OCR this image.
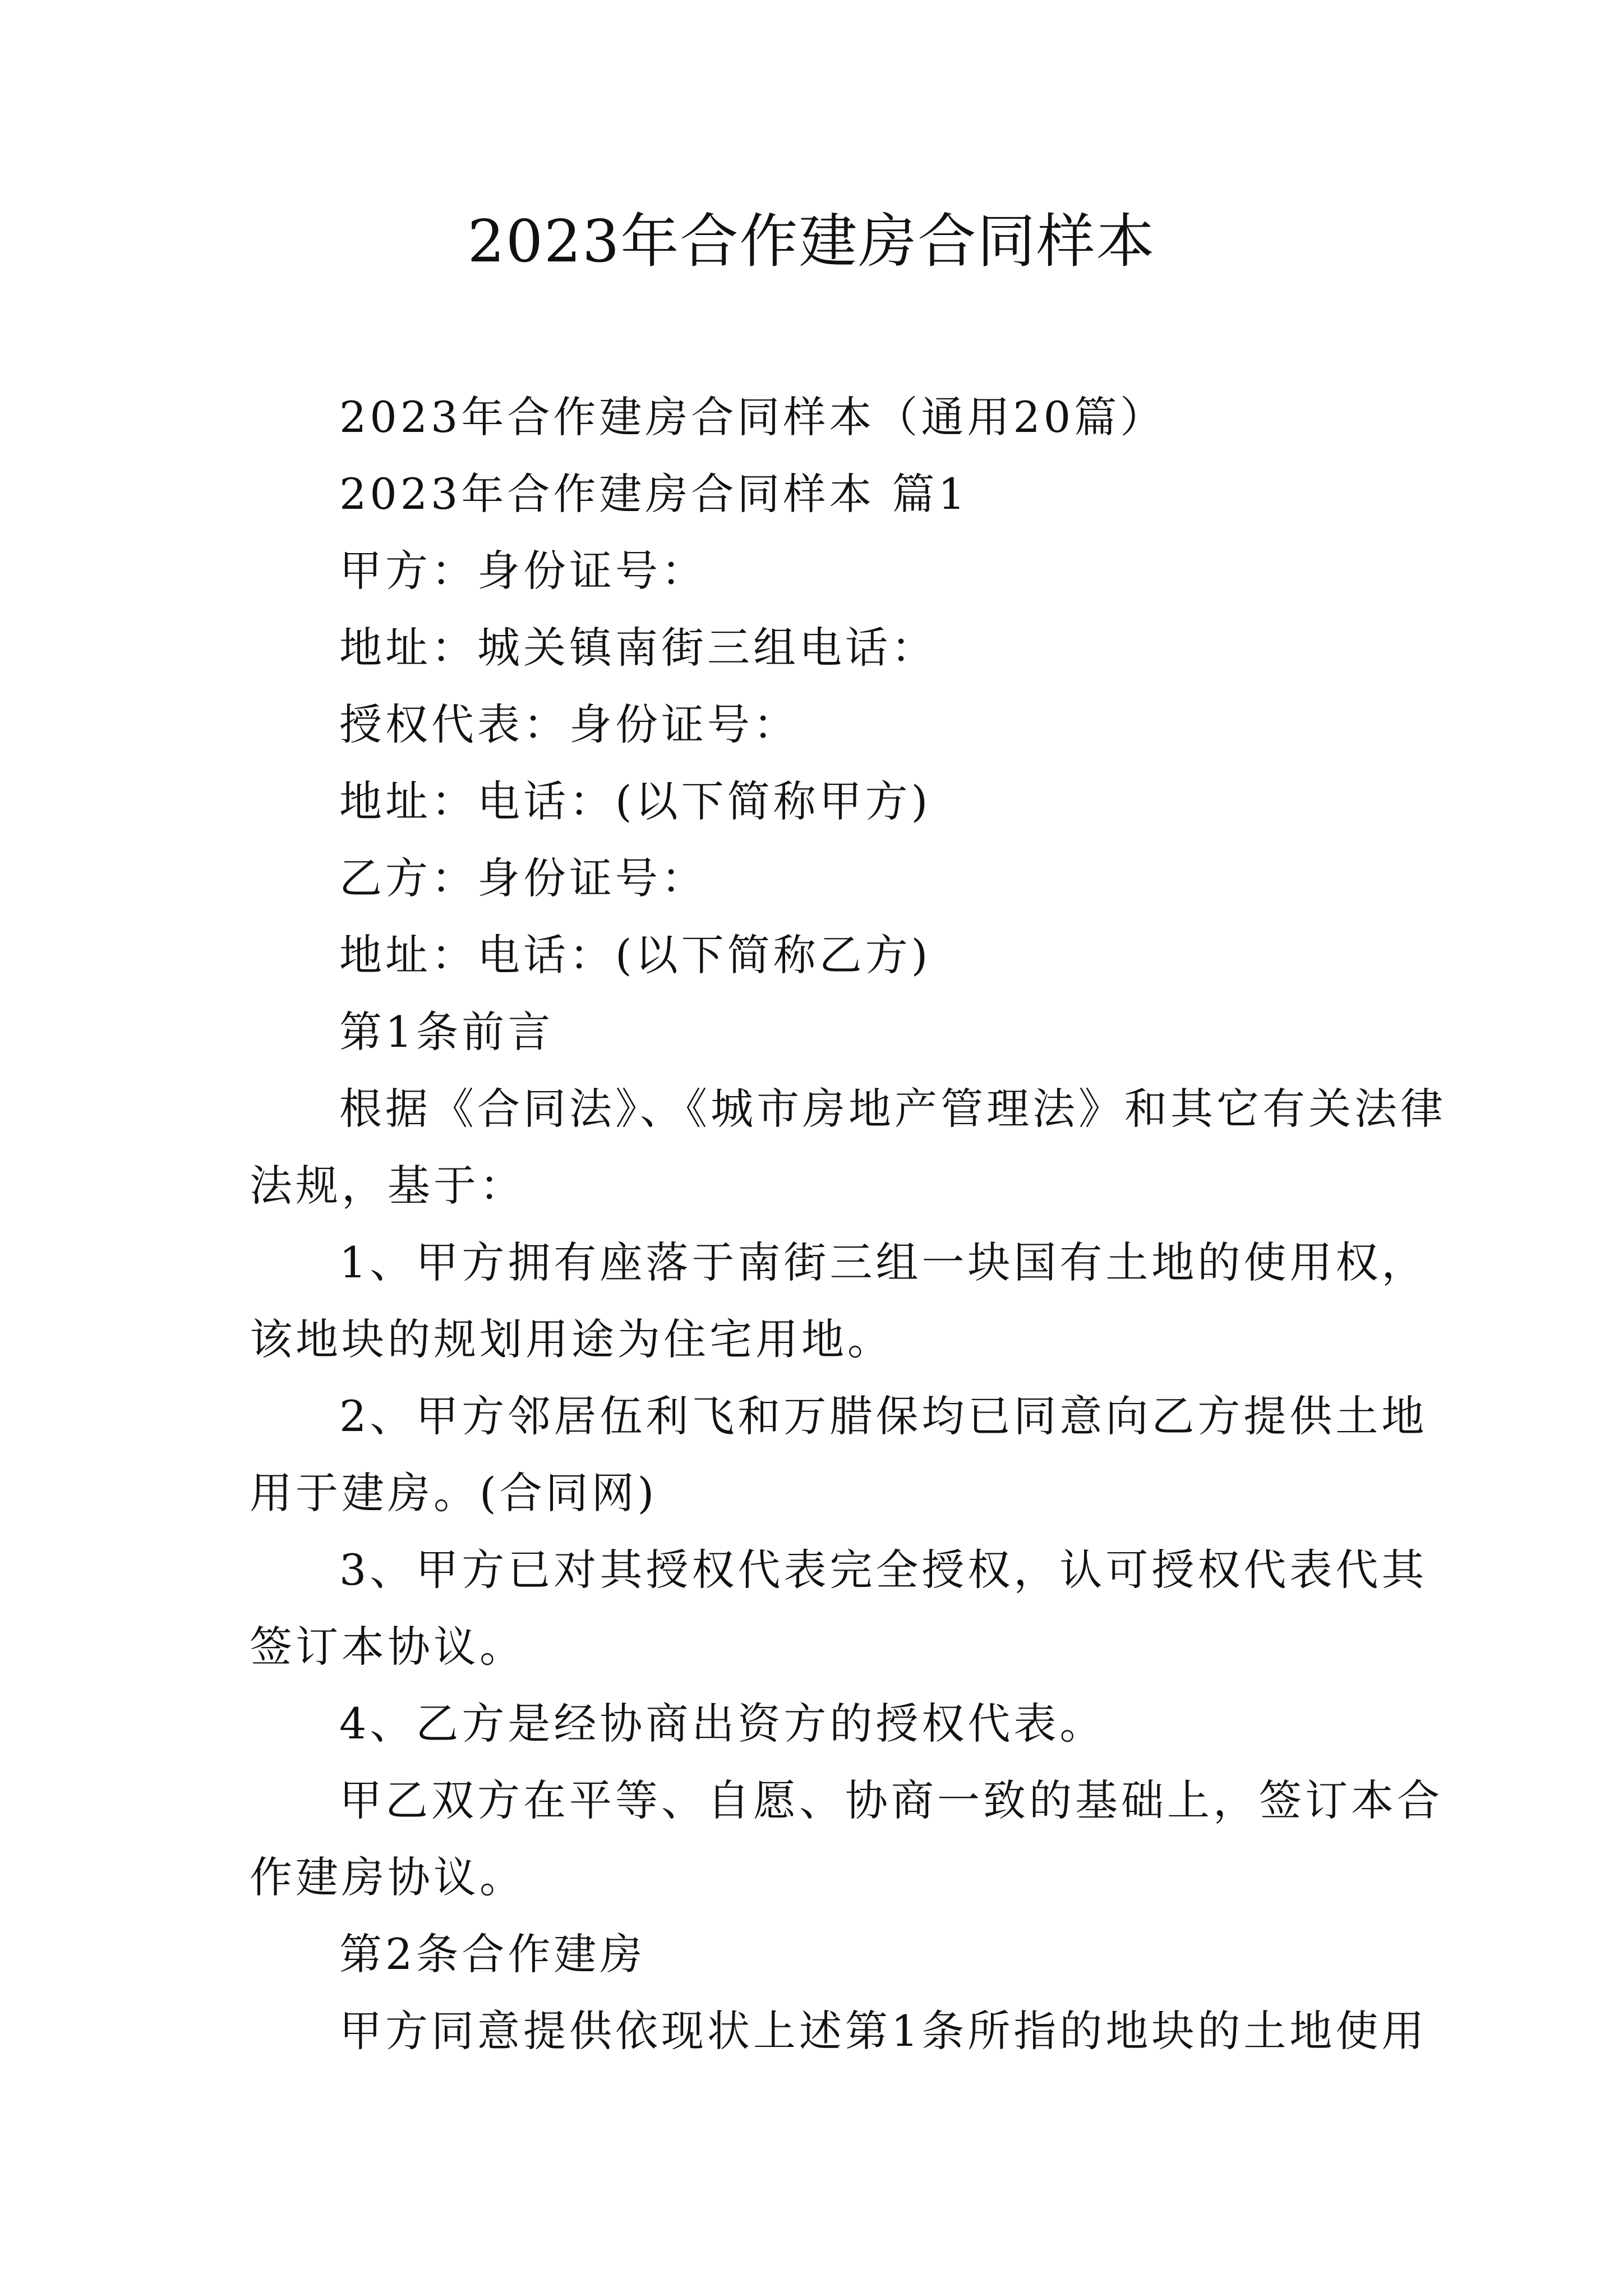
2023年合作建房合同样本
2023年合作建房合同样本（通用20篇）
2023年合作建房合同样本 篇1
甲方：身份证号：
地址：城关镇南街三组电话：
授权代表：身份证号：
地址：电话：(以下简称甲方)
乙方：身份证号：
地址：电话：(以下简称乙方)
第1条前言
根据《合同法》、《城市房地产管理法》和其它有关法律
法规，基于：
1、甲方拥有座落于南街三组一块国有土地的使用权，
该地块的规划用途为住宅用地。
2、甲方邻居伍利飞和万腊保均已同意向乙方提供土地
用于建房。(合同网)
3、甲方已对其授权代表完全授权，认可授权代表代其
签订本协议。
4、乙方是经协商出资方的授权代表。
甲乙双方在平等、自愿、协商一致的基础上，签订本合
作建房协议。
第2条合作建房
甲方同意提供依现状上述第1条所指的地块的土地使用
